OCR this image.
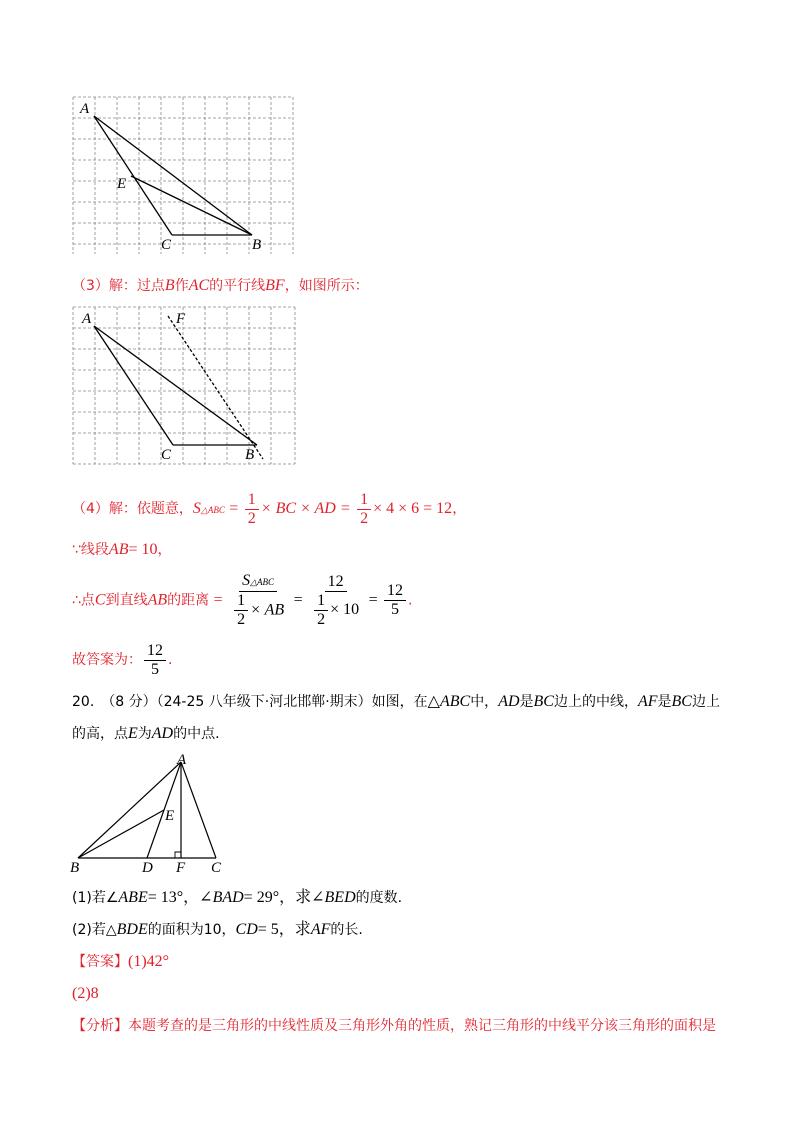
A
E
C	B
（3）解：过点B作AC的平行线BF，如图所示：
A	F
C	B
（4）解：依题意，S△ABC = $\frac{1}{2}$ × BC × AD = $\frac{1}{2} \times 4 \times 6 = 12$，
∵线段AB= 10，
∴点C到直线AB的距离 = $\frac{\text{S△ABC}}{\frac{1}{2} \times AB} = \frac{12}{\frac{1}{2} \times 10} = \frac{12}{5}$ .
故答案为： $\frac{12}{5}$ .
20.　（8 分）（24-25 八年级下·河北邯郸·期末）如图，在△ABC中，AD是BC边上的中线，AF是BC边上
的高，点E为AD的中点.
A
E
B	D F C
(1)若∠ABE= 13°，∠BAD= 29°，求∠BED的度数.
(2)若△BDE的面积为10，CD= 5，求AF的长.
【答案】(1)42°
(2)8
【分析】本题考查的是三角形的中线性质及三角形外角的性质，熟记三角形的中线平分该三角形的面积是
